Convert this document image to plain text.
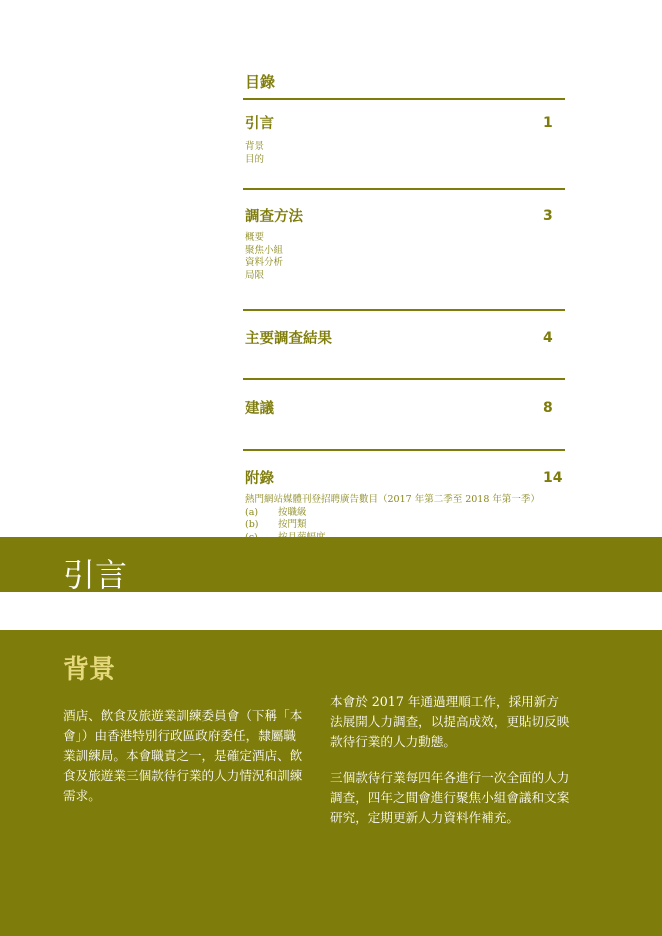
目錄
引言	1
背景
目的
調查方法	3
概要
聚焦小組
資料分析
局限
主要調查結果	4
建議	8
附錄	14
熱門網站媒體刊登招聘廣告數目（2017 年第二季至 2018 年第一季）
(a)	按職級
(b)	按門類
引言
背景
酒店、飲食及旅遊業訓練委員會（下稱「本會」）由香港特別行政區政府委任，隸屬職業訓練局。本會職責之一，是確定酒店、飲食及旅遊業三個款待行業的人力情況和訓練需求。
本會於 2017 年通過理順工作，採用新方法展開人力調查，以提高成效，更貼切反映款待行業的人力動態。
三個款待行業每四年各進行一次全面的人力調查，四年之間會進行聚焦小組會議和文案研究，定期更新人力資料作補充。
